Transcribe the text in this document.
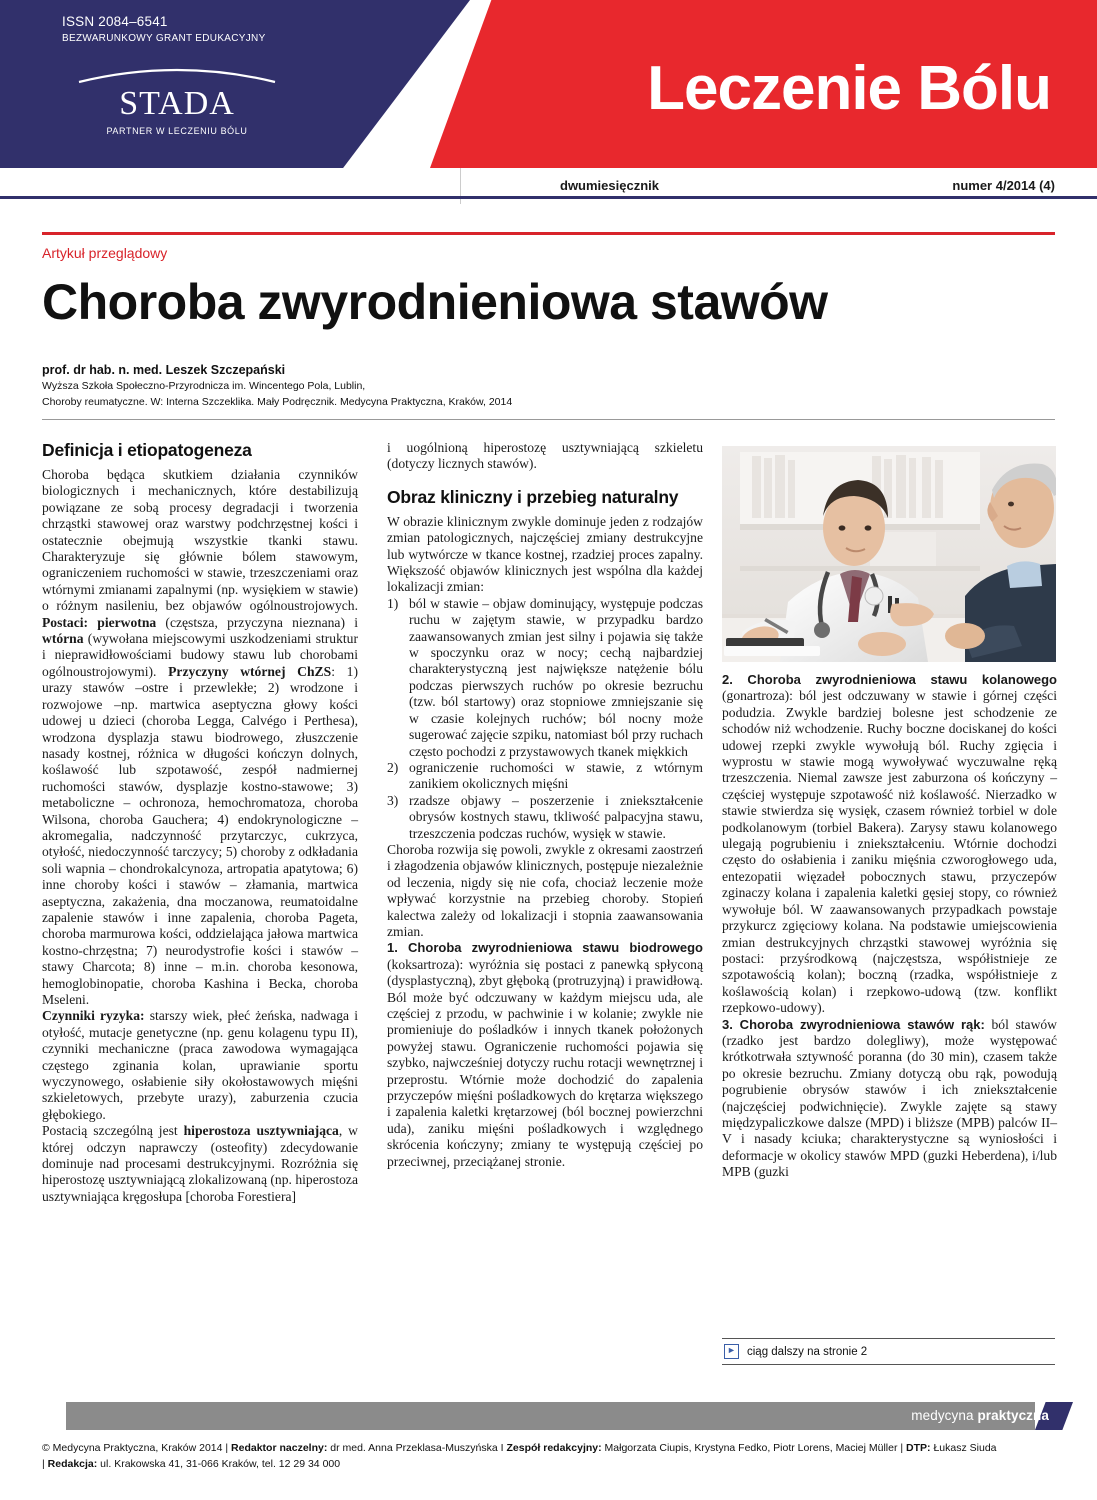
ISSN 2084–6541
BEZWARUNKOWY GRANT EDUKACYJNY
STADA
PARTNER W LECZENIU BÓLU
Leczenie Bólu
dwumiesięcznik	numer 4/2014 (4)
Artykuł przeglądowy
Choroba zwyrodnieniowa stawów
prof. dr hab. n. med. Leszek Szczepański
Wyższa Szkoła Społeczno-Przyrodnicza im. Wincentego Pola, Lublin,
Choroby reumatyczne. W: Interna Szczeklika. Mały Podręcznik. Medycyna Praktyczna, Kraków, 2014
Definicja i etiopatogeneza

Choroba będąca skutkiem działania czynników biologicznych i mechanicznych, które destabilizują powiązane ze sobą procesy degradacji i tworzenia chrząstki stawowej oraz warstwy podchrzęstnej kości i ostatecznie obejmują wszystkie tkanki stawu. Charakteryzuje się głównie bólem stawowym, ograniczeniem ruchomości w stawie, trzeszczeniami oraz wtórnymi zmianami zapalnymi (np. wysiękiem w stawie) o różnym nasileniu, bez objawów ogólnoustrojowych. Postaci: pierwotna (częstsza, przyczyna nieznana) i wtórna (wywołana miejscowymi uszkodzeniami struktur i nieprawidłowościami budowy stawu lub chorobami ogólnoustrojowymi). Przyczyny wtórnej ChZS: 1) urazy stawów –ostre i przewlekłe; 2) wrodzone i rozwojowe –np. martwica aseptyczna głowy kości udowej u dzieci (choroba Legga, Calvégo i Perthesa), wrodzona dysplazja stawu biodrowego, złuszczenie nasady kostnej, różnica w długości kończyn dolnych, koślawość lub szpotawość, zespół nadmiernej ruchomości stawów, dysplazje kostno-stawowe; 3) metaboliczne – ochronoza, hemochromatoza, choroba Wilsona, choroba Gauchera; 4) endokrynologiczne – akromegalia, nadczynność przytarczyc, cukrzyca, otyłość, niedoczynność tarczycy; 5) choroby z odkładania soli wapnia – chondrokalcynoza, artropatia apatytowa; 6) inne choroby kości i stawów – złamania, martwica aseptyczna, zakażenia, dna moczanowa, reumatoidalne zapalenie stawów i inne zapalenia, choroba Pageta, choroba marmurowa kości, oddzielająca jałowa martwica kostno-chrzęstna; 7) neurodystrofie kości i stawów – stawy Charcota; 8) inne – m.in. choroba kesonowa, hemoglobinopatie, choroba Kashina i Becka, choroba Mseleni.

Czynniki ryzyka: starszy wiek, płeć żeńska, nadwaga i otyłość, mutacje genetyczne (np. genu kolagenu typu II), czynniki mechaniczne (praca zawodowa wymagająca częstego zginania kolan, uprawianie sportu wyczynowego, osłabienie siły okołostawowych mięśni szkieletowych, przebyte urazy), zaburzenia czucia głębokiego.

Postacią szczególną jest hiperostoza usztywniająca, w której odczyn naprawczy (osteofity) zdecydowanie dominuje nad procesami destrukcyjnymi. Rozróżnia się hiperostozę usztywniającą zlokalizowaną (np. hiperostoza usztywniająca kręgosłupa [choroba Forestiera]

i uogólnioną hiperostozę usztywniającą szkieletu (dotyczy licznych stawów).

Obraz kliniczny i przebieg naturalny

W obrazie klinicznym zwykle dominuje jeden z rodzajów zmian patologicznych, najczęściej zmiany destrukcyjne lub wytwórcze w tkance kostnej, rzadziej proces zapalny. Większość objawów klinicznych jest wspólna dla każdej lokalizacji zmian:

1) ból w stawie – objaw dominujący, występuje podczas ruchu w zajętym stawie, w przypadku bardzo zaawansowanych zmian jest silny i pojawia się także w spoczynku oraz w nocy; cechą najbardziej charakterystyczną jest największe natężenie bólu podczas pierwszych ruchów po okresie bezruchu (tzw. ból startowy) oraz stopniowe zmniejszanie się w czasie kolejnych ruchów; ból nocny może sugerować zajęcie szpiku, natomiast ból przy ruchach często pochodzi z przystawowych tkanek miękkich
2) ograniczenie ruchomości w stawie, z wtórnym zanikiem okolicznych mięśni
3) rzadsze objawy – poszerzenie i zniekształcenie obrysów kostnych stawu, tkliwość palpacyjna stawu, trzeszczenia podczas ruchów, wysięk w stawie.

Choroba rozwija się powoli, zwykle z okresami zaostrzeń i złagodzenia objawów klinicznych, postępuje niezależnie od leczenia, nigdy się nie cofa, chociaż leczenie może wpływać korzystnie na przebieg choroby. Stopień kalectwa zależy od lokalizacji i stopnia zaawansowania zmian.

1. Choroba zwyrodnieniowa stawu biodrowego (koksartroza): wyróżnia się postaci z panewką spłyconą (dysplastyczną), zbyt głęboką (protruzyjną) i prawidłową. Ból może być odczuwany w każdym miejscu uda, ale częściej z przodu, w pachwinie i w kolanie; zwykle nie promieniuje do pośladków i innych tkanek położonych powyżej stawu. Ograniczenie ruchomości pojawia się szybko, najwcześniej dotyczy ruchu rotacji wewnętrznej i przeprostu. Wtórnie może dochodzić do zapalenia przyczepów mięśni pośladkowych do krętarza większego i zapalenia kaletki krętarzowej (ból bocznej powierzchni uda), zaniku mięśni pośladkowych i względnego skrócenia kończyny; zmiany te występują częściej po przeciwnej, przeciążanej stronie.

2. Choroba zwyrodnieniowa stawu kolanowego (gonartroza): ból jest odczuwany w stawie i górnej części podudzia. Zwykle bardziej bolesne jest schodzenie ze schodów niż wchodzenie. Ruchy boczne dociskanej do kości udowej rzepki zwykle wywołują ból. Ruchy zgięcia i wyprostu w stawie mogą wywoływać wyczuwalne ręką trzeszczenia. Niemal zawsze jest zaburzona oś kończyny – częściej występuje szpotawość niż koślawość. Nierzadko w stawie stwierdza się wysięk, czasem również torbiel w dole podkolanowym (torbiel Bakera). Zarysy stawu kolanowego ulegają pogrubieniu i zniekształceniu. Wtórnie dochodzi często do osłabienia i zaniku mięśnia czworogłowego uda, entezopatii więzadeł pobocznych stawu, przyczepów zginaczy kolana i zapalenia kaletki gęsiej stopy, co również wywołuje ból. W zaawansowanych przypadkach powstaje przykurcz zgięciowy kolana. Na podstawie umiejscowienia zmian destrukcyjnych chrząstki stawowej wyróżnia się postaci: przyśrodkową (najczęstsza, współistnieje ze szpotawością kolan); boczną (rzadka, współistnieje z koślawością kolan) i rzepkowo-udową (tzw. konflikt rzepkowo-udowy).

3. Choroba zwyrodnieniowa stawów rąk: ból stawów (rzadko jest bardzo dolegliwy), może występować krótkotrwała sztywność poranna (do 30 min), czasem także po okresie bezruchu. Zmiany dotyczą obu rąk, powodują pogrubienie obrysów stawów i ich zniekształcenie (najczęściej podwichnięcie). Zwykle zajęte są stawy międzypaliczkowe dalsze (MPD) i bliższe (MPB) palców II–V i nasady kciuka; charakterystyczne są wyniosłości i deformacje w okolicy stawów MPD (guzki Heberdena), i/lub MPB (guzki

► ciąg dalszy na stronie 2
medycyna praktyczna
© Medycyna Praktyczna, Kraków 2014 | Redaktor naczelny: dr med. Anna Przeklasa-Muszyńska I Zespół redakcyjny: Małgorzata Ciupis, Krystyna Fedko, Piotr Lorens, Maciej Müller | DTP: Łukasz Siuda
| Redakcja: ul. Krakowska 41, 31-066 Kraków, tel. 12 29 34 000
